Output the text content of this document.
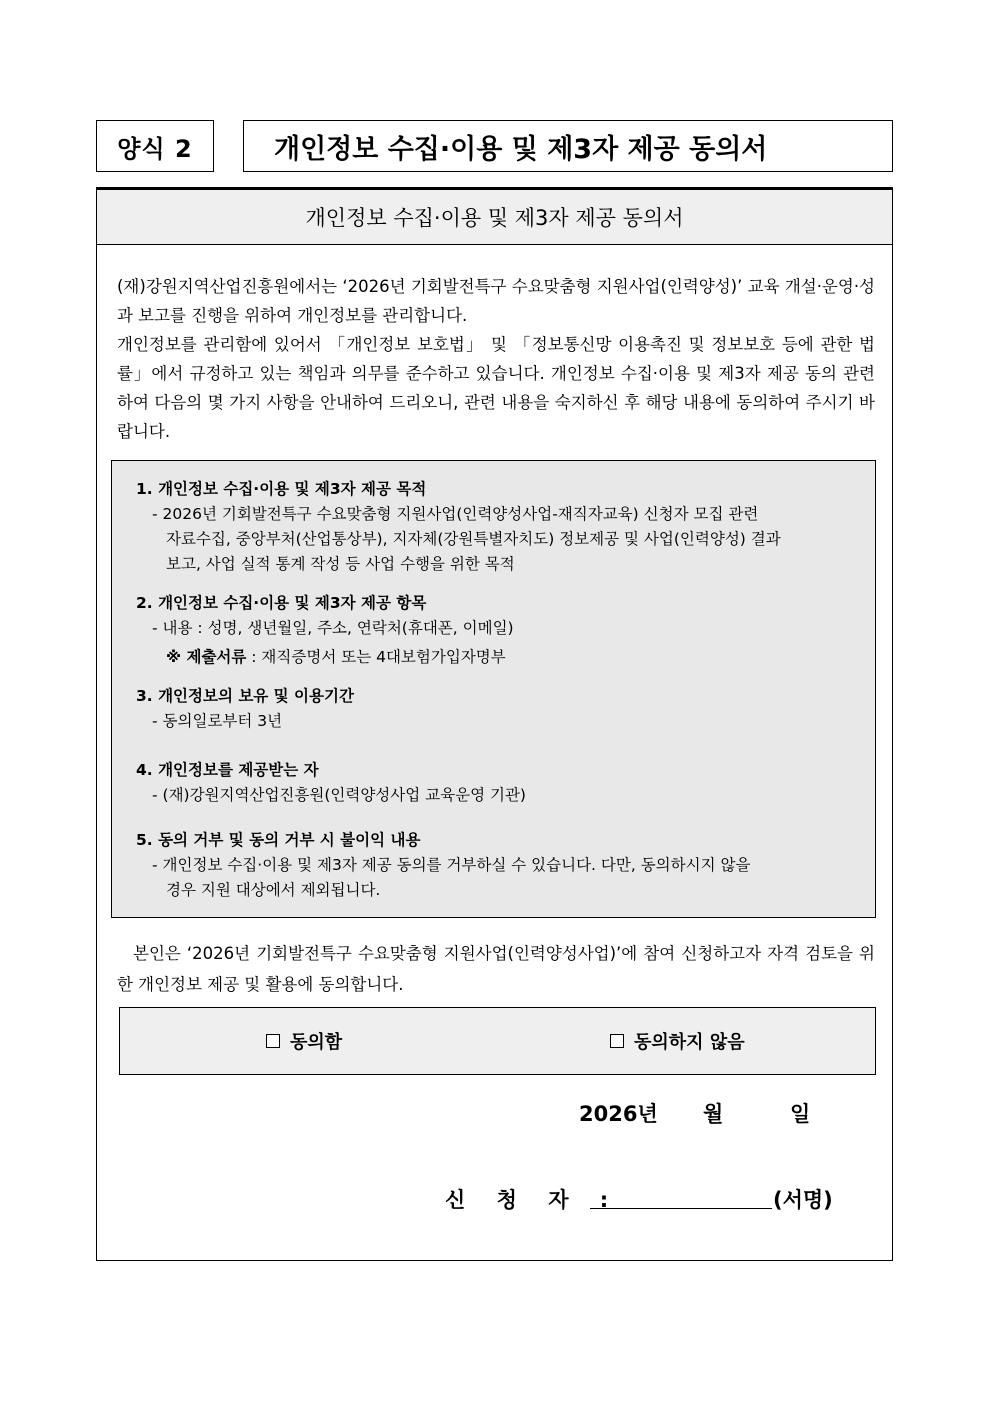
양식 2	개인정보 수집·이용 및 제3자 제공 동의서
개인정보 수집·이용 및 제3자 제공 동의서

(재)강원지역산업진흥원에서는 ‘2026년 기회발전특구 수요맞춤형 지원사업(인력양성)’ 교육 개설·운영·성과 보고를 진행을 위하여 개인정보를 관리합니다.

개인정보를 관리함에 있어서 「개인정보 보호법」 및 「정보통신망 이용촉진 및 정보보호 등에 관한 법률」에서 규정하고 있는 책임과 의무를 준수하고 있습니다. 개인정보 수집·이용 및 제3자 제공 동의 관련하여 다음의 몇 가지 사항을 안내하여 드리오니, 관련 내용을 숙지하신 후 해당 내용에 동의하여 주시기 바랍니다.

1. 개인정보 수집·이용 및 제3자 제공 목적
- 2026년 기회발전특구 수요맞춤형 지원사업(인력양성사업-재직자교육) 신청자 모집 관련
자료수집, 중앙부처(산업통상부), 지자체(강원특별자치도) 정보제공 및 사업(인력양성) 결과
보고, 사업 실적 통계 작성 등 사업 수행을 위한 목적
2. 개인정보 수집·이용 및 제3자 제공 항목
- 내용 : 성명, 생년월일, 주소, 연락처(휴대폰, 이메일)
※ 제출서류 : 재직증명서 또는 4대보험가입자명부
3. 개인정보의 보유 및 이용기간
- 동의일로부터 3년
4. 개인정보를 제공받는 자
- (재)강원지역산업진흥원(인력양성사업 교육운영 기관)
5. 동의 거부 및 동의 거부 시 불이익 내용
- 개인정보 수집·이용 및 제3자 제공 동의를 거부하실 수 있습니다. 다만, 동의하시지 않을
경우 지원 대상에서 제외됩니다.

본인은 ‘2026년 기회발전특구 수요맞춤형 지원사업(인력양성사업)’에 참여 신청하고자 자격 검토을 위한 개인정보 제공 및 활용에 동의합니다.

동의함	동의하지 않음
2026년 월	일
신 청 자 :	(서명)
